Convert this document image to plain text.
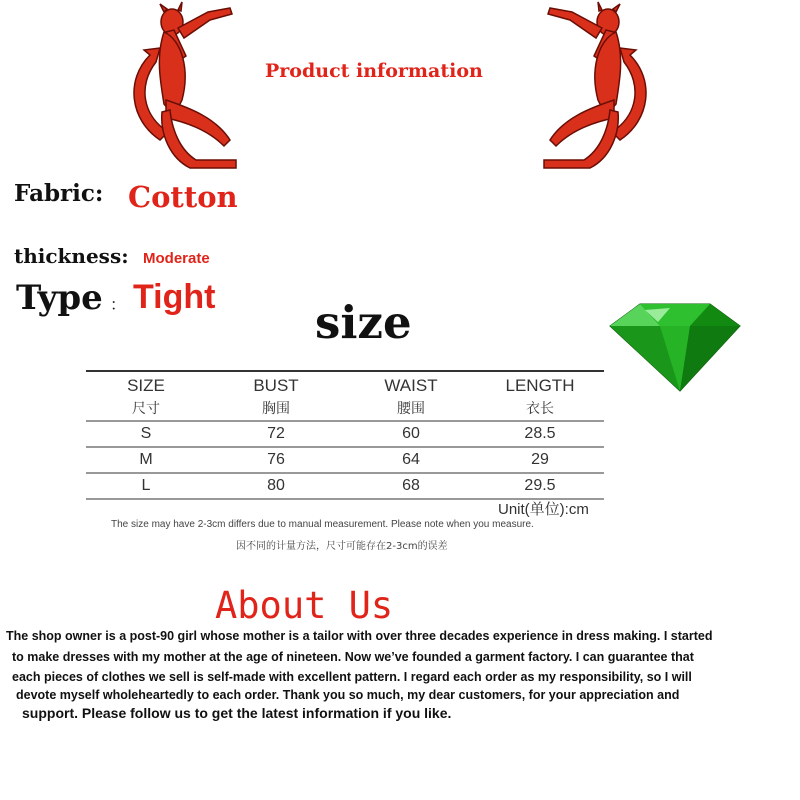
Product information
Fabric: Cotton
thickness: Moderate
Type ： Tight size
SIZE	BUST	WAIST	LENGTH
尺寸	胸围	腰围	衣长
S	72	60	28.5
M	76	64	29
L	80	68	29.5
Unit(单位):cm
The size may have 2-3cm differs due to manual measurement. Please note when you measure.
因不同的计量方法，尺寸可能存在2-3cm的误差
About Us
The shop owner is a post-90 girl whose mother is a tailor with over three decades experience in dress making. I started
to make dresses with my mother at the age of nineteen. Now we’ve founded a garment factory. I can guarantee that
each pieces of clothes we sell is self-made with excellent pattern. I regard each order as my responsibility, so I will
devote myself wholeheartedly to each order. Thank you so much, my dear customers, for your appreciation and
support. Please follow us to get the latest information if you like.
